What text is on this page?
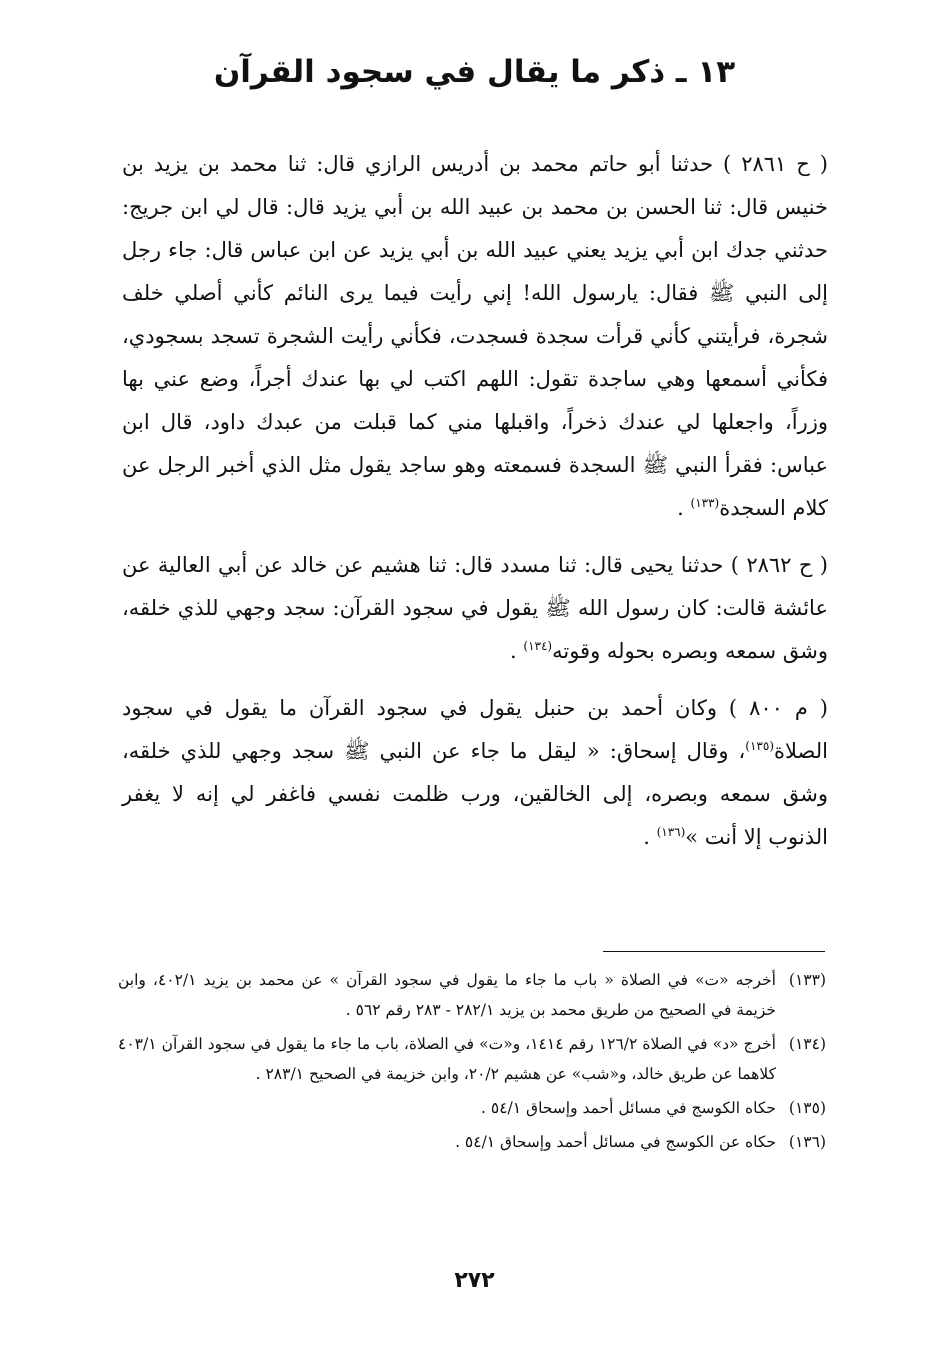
١٣ ـ ذكر ما يقال في سجود القرآن

( ح ٢٨٦١ ) حدثنا أبو حاتم محمد بن أدريس الرازي قال: ثنا محمد بن يزيد بن خنيس قال: ثنا الحسن بن محمد بن عبيد الله بن أبي يزيد قال: قال لي ابن جريج: حدثني جدك ابن أبي يزيد يعني عبيد الله بن أبي يزيد عن ابن عباس قال: جاء رجل إلى النبي ﷺ فقال: يارسول الله! إني رأيت فيما يرى النائم كأني أصلي خلف شجرة، فرأيتني كأني قرأت سجدة فسجدت، فكأني رأيت الشجرة تسجد بسجودي، فكأني أسمعها وهي ساجدة تقول: اللهم اكتب لي بها عندك أجراً، وضع عني بها وزراً، واجعلها لي عندك ذخراً، واقبلها مني كما قبلت من عبدك داود، قال ابن عباس: فقرأ النبي ﷺ السجدة فسمعته وهو ساجد يقول مثل الذي أخبر الرجل عن كلام السجدة$^{(١٣٣)}$ .

( ح ٢٨٦٢ ) حدثنا يحيى قال: ثنا مسدد قال: ثنا هشيم عن خالد عن أبي العالية عن عائشة قالت: كان رسول الله ﷺ يقول في سجود القرآن: سجد وجهي للذي خلقه، وشق سمعه وبصره بحوله وقوته$^{(١٣٤)}$ .

( م ٨٠٠ ) وكان أحمد بن حنبل يقول في سجود القرآن ما يقول في سجود الصلاة$^{(١٣٥)}$، وقال إسحاق: « ليقل ما جاء عن النبي ﷺ سجد وجهي للذي خلقه، وشق سمعه وبصره، إلى الخالقين، ورب ظلمت نفسي فاغفر لي إنه لا يغفر الذنوب إلا أنت »$^{(١٣٦)}$ .

(١٣٣)
أخرجه «ت» في الصلاة « باب ما جاء ما يقول في سجود القرآن » عن محمد بن يزيد ٤٠٢/١، وابن خزيمة في الصحيح من طريق محمد بن يزيد ٢٨٢/١ - ٢٨٣ رقم ٥٦٢ .
(١٣٤)
أخرج «د» في الصلاة ١٢٦/٢ رقم ١٤١٤، و«ت» في الصلاة، باب ما جاء ما يقول في سجود القرآن ٤٠٣/١ كلاهما عن طريق خالد، و«شب» عن هشيم ٢٠/٢، وابن خزيمة في الصحيح ٢٨٣/١ .
(١٣٥)
حكاه الكوسج في مسائل أحمد وإسحاق ٥٤/١ .
(١٣٦)
حكاه عن الكوسج في مسائل أحمد وإسحاق ٥٤/١ .
٢٧٢
